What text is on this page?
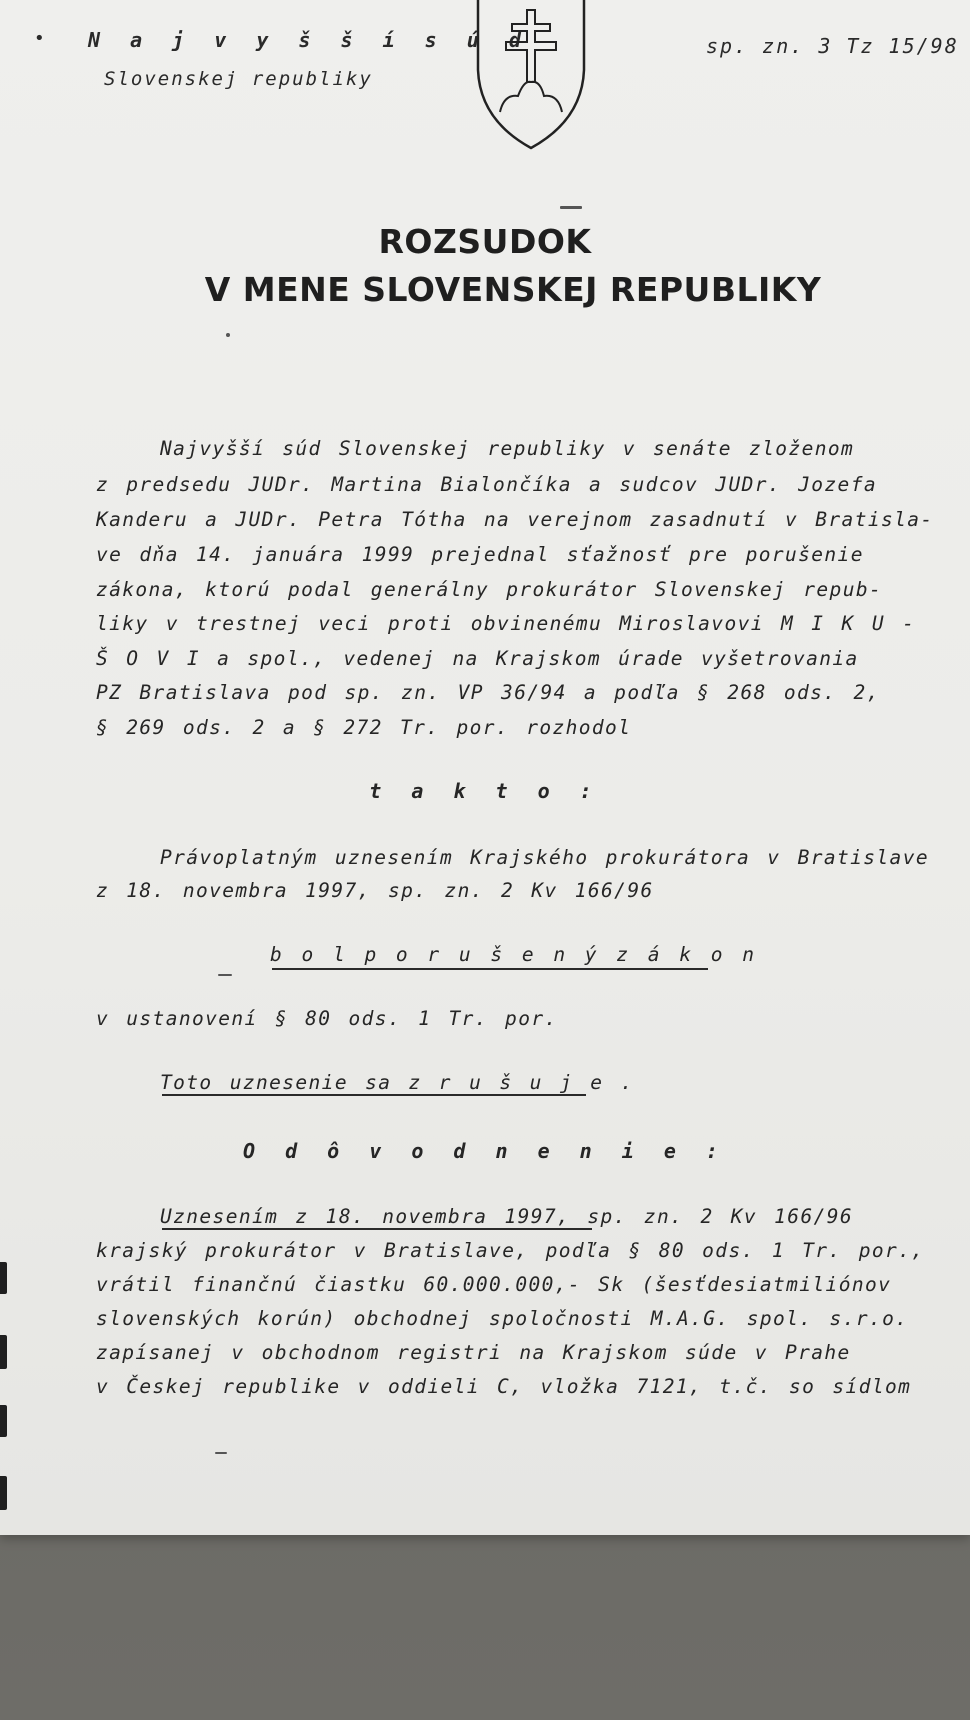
• N a j v y š š í s ú d
Slovenskej republiky
sp. zn. 3 Tz 15/98
ROZSUDOK
V MENE SLOVENSKEJ REPUBLIKY
Najvyšší súd Slovenskej republiky v senáte zloženom
z predsedu JUDr. Martina Bialončíka a sudcov JUDr. Jozefa
Kanderu a JUDr. Petra Tótha na verejnom zasadnutí v Bratisla-
ve dňa 14. januára 1999 prejednal sťažnosť pre porušenie
zákona, ktorú podal generálny prokurátor Slovenskej repub-
liky v trestnej veci proti obvinenému Miroslavovi M I K U -
Š O V I a spol., vedenej na Krajskom úrade vyšetrovania
PZ Bratislava pod sp. zn. VP 36/94 a podľa § 268 ods. 2,
§ 269 ods. 2 a § 272 Tr. por. rozhodol
t a k t o :
Právoplatným uznesením Krajského prokurátora v Bratislave
z 18. novembra 1997, sp. zn. 2 Kv 166/96
b o l p o r u š e n ý z á k o n
v ustanovení § 80 ods. 1 Tr. por.
Toto uznesenie sa z r u š u j e .
O d ô v o d n e n i e :
Uznesením z 18. novembra 1997, sp. zn. 2 Kv 166/96
krajský prokurátor v Bratislave, podľa § 80 ods. 1 Tr. por.,
vrátil finančnú čiastku 60.000.000,- Sk (šesťdesiatmiliónov
slovenských korún) obchodnej spoločnosti M.A.G. spol. s.r.o.
zapísanej v obchodnom registri na Krajskom súde v Prahe
v Českej republike v oddieli C, vložka 7121, t.č. so sídlom
